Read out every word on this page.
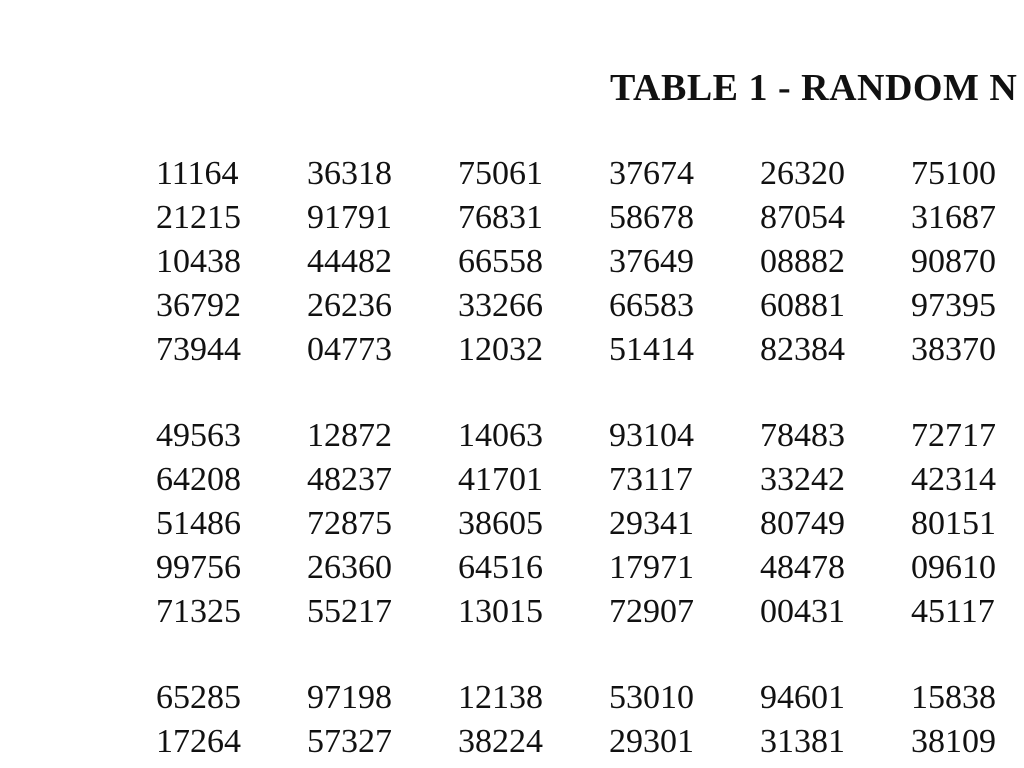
TABLE 1 - RANDOM N
11164	36318	75061	37674	26320	75100
21215	91791	76831	58678	87054	31687
10438	44482	66558	37649	08882	90870
36792	26236	33266	66583	60881	97395
73944	04773	12032	51414	82384	38370
49563	12872	14063	93104	78483	72717
64208	48237	41701	73117	33242	42314
51486	72875	38605	29341	80749	80151
99756	26360	64516	17971	48478	09610
71325	55217	13015	72907	00431	45117
65285	97198	12138	53010	94601	15838
17264	57327	38224	29301	31381	38109
